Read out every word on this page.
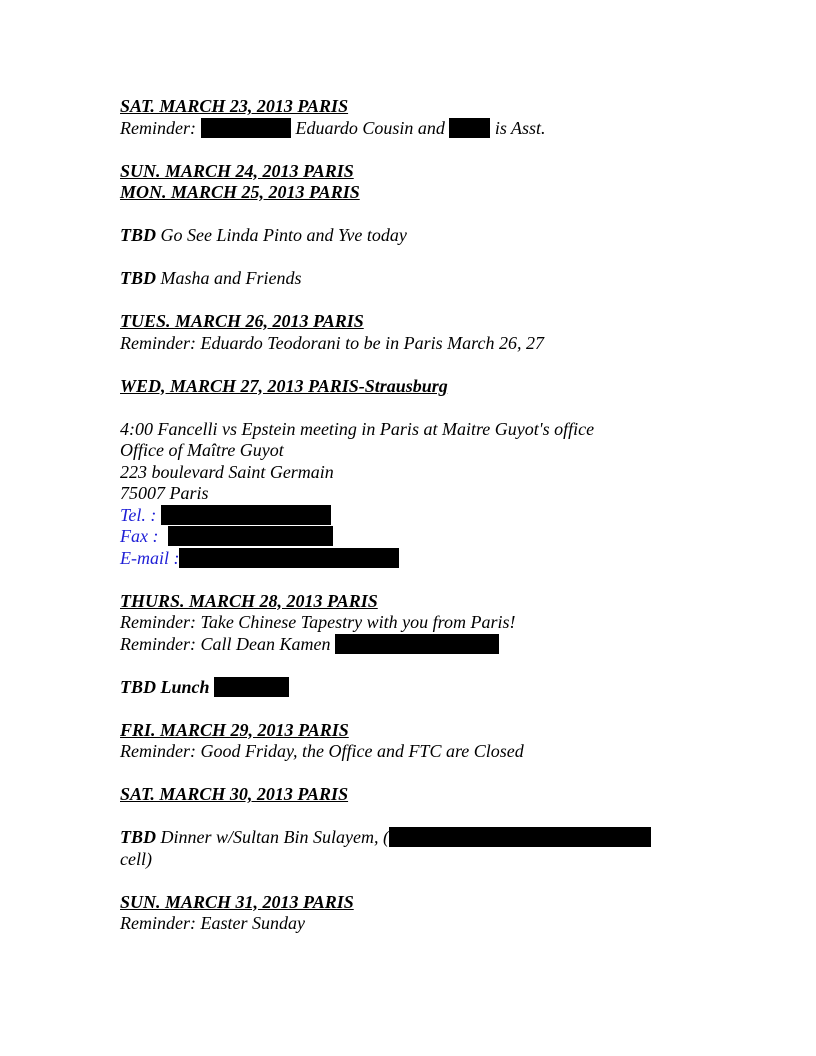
SAT. MARCH 23, 2013 PARIS
Reminder:	Eduardo Cousin and  is Asst.
SUN. MARCH 24, 2013 PARIS
MON. MARCH 25, 2013 PARIS
TBD Go See Linda Pinto and Yve today
TBD Masha and Friends
TUES. MARCH 26, 2013 PARIS
Reminder: Eduardo Teodorani to be in Paris March 26, 27
WED, MARCH 27, 2013 PARIS-Strausburg
4:00 Fancelli vs Epstein meeting in Paris at Maitre Guyot's office
Office of Maître Guyot
223 boulevard Saint Germain
75007 Paris
Tel. :
Fax :
E-mail :
THURS. MARCH 28, 2013 PARIS
Reminder: Take Chinese Tapestry with you from Paris!
Reminder: Call Dean Kamen
TBD Lunch
FRI. MARCH 29, 2013 PARIS
Reminder: Good Friday, the Office and FTC are Closed
SAT. MARCH 30, 2013 PARIS
TBD Dinner w/Sultan Bin Sulayem, (
cell)
SUN. MARCH 31, 2013 PARIS
Reminder: Easter Sunday
